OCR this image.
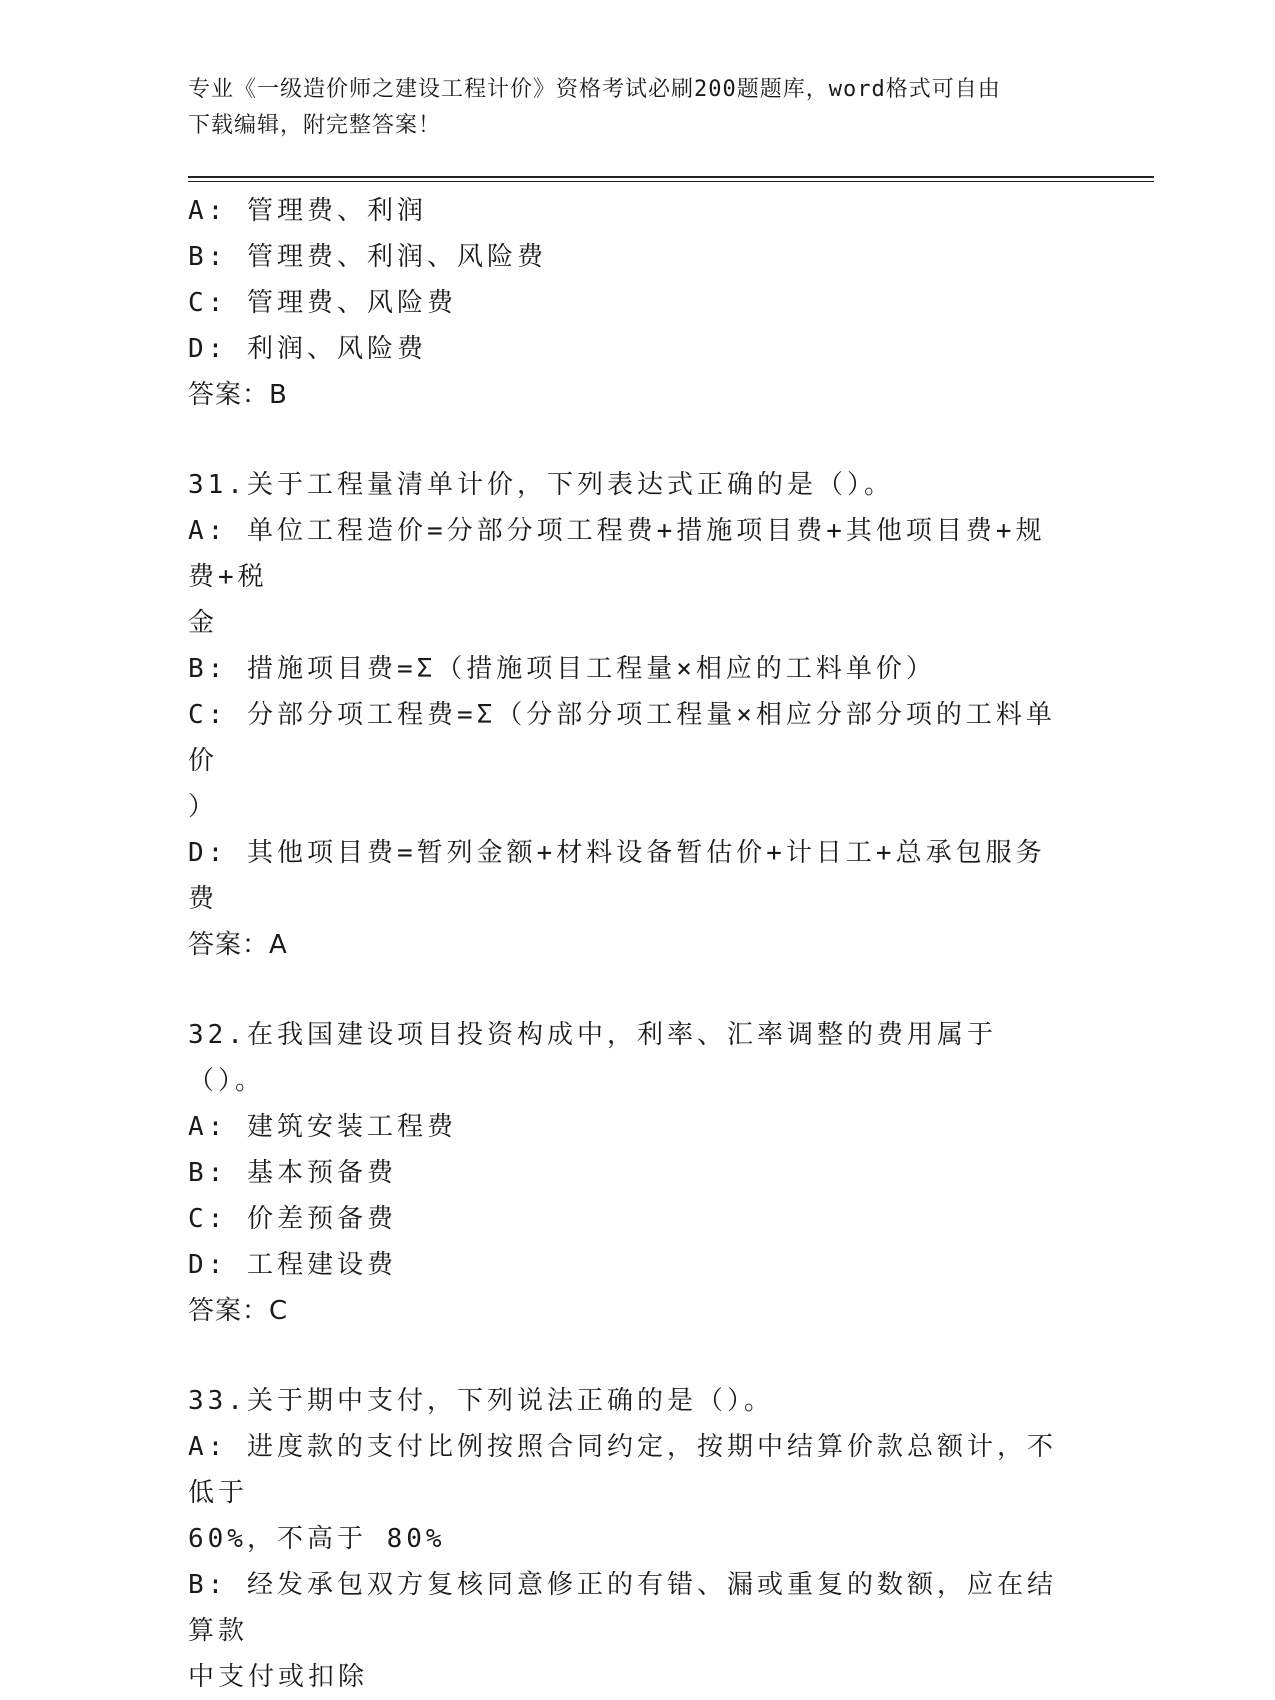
专业《一级造价师之建设工程计价》资格考试必刷200题题库，word格式可自由
下载编辑，附完整答案！
A: 管理费、利润
B: 管理费、利润、风险费
C: 管理费、风险费
D: 利润、风险费
答案：B
31.关于工程量清单计价，下列表达式正确的是（）。
A: 单位工程造价=分部分项工程费+措施项目费+其他项目费+规费+税
金
B: 措施项目费=Σ（措施项目工程量×相应的工料单价）
C: 分部分项工程费=Σ（分部分项工程量×相应分部分项的工料单价
）
D: 其他项目费=暂列金额+材料设备暂估价+计日工+总承包服务费
答案：A
32.在我国建设项目投资构成中，利率、汇率调整的费用属于（）。
A: 建筑安装工程费
B: 基本预备费
C: 价差预备费
D: 工程建设费
答案：C
33.关于期中支付，下列说法正确的是（）。
A: 进度款的支付比例按照合同约定，按期中结算价款总额计，不低于
60%，不高于 80%
B: 经发承包双方复核同意修正的有错、漏或重复的数额，应在结算款
中支付或扣除
